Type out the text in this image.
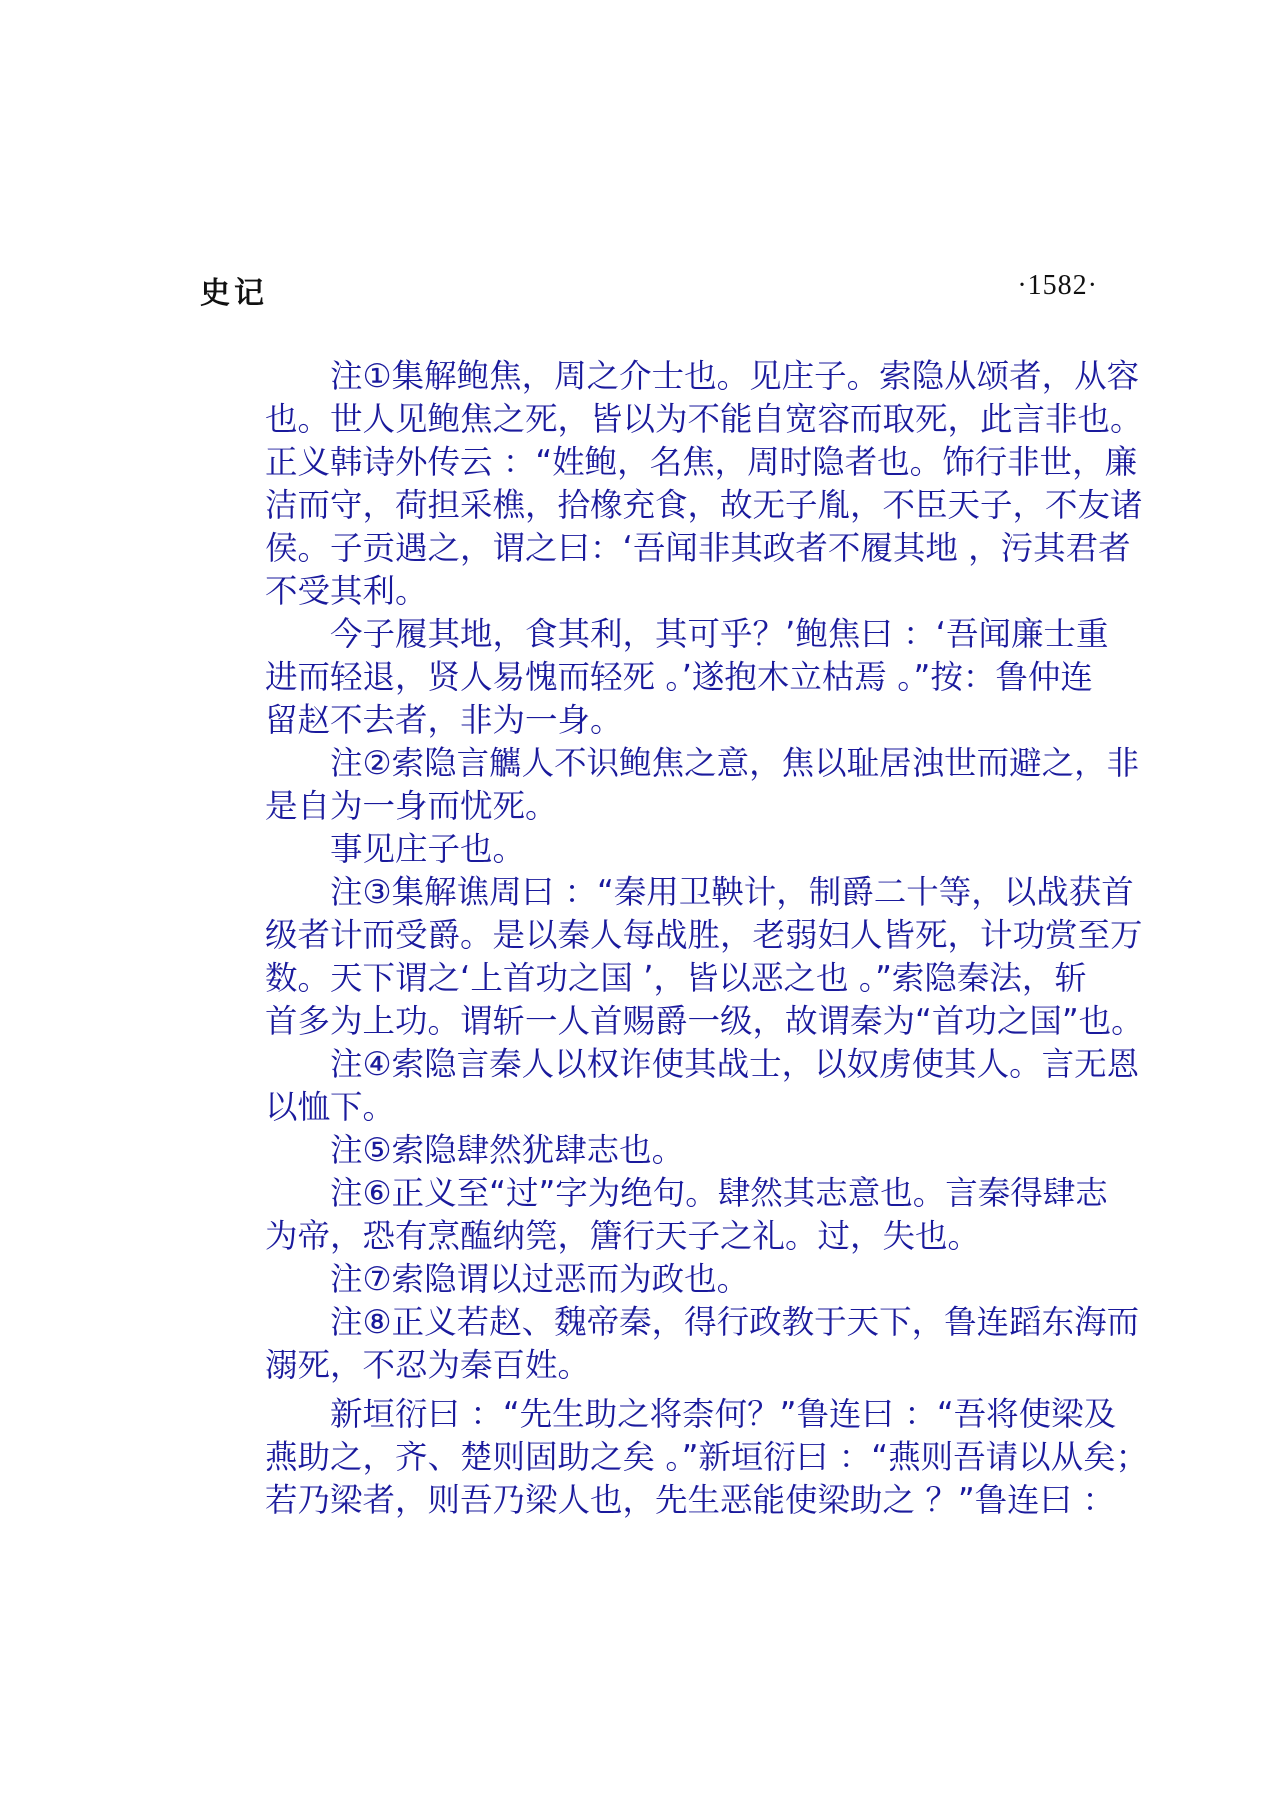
史记	·1582·

注①集解鲍焦，周之介士也。见庄子。索隐从颂者，从容
也。世人见鲍焦之死，皆以为不能自宽容而取死，此言非也。
正义韩诗外传云 ：“姓鲍，名焦，周时隐者也。饰行非世，廉
洁而守，荷担采樵，拾橡充食，故无子胤，不臣天子，不友诸
侯。子贡遇之，谓之曰：‘吾闻非其政者不履其地 ，污其君者
不受其利。

今子履其地，食其利，其可乎？’鲍焦曰 ：‘吾闻廉士重
进而轻退，贤人易愧而轻死 。’遂抱木立枯焉 。”按：鲁仲连
留赵不去者，非为一身。

注②索隐言觽人不识鲍焦之意，焦以耻居浊世而避之，非
是自为一身而忧死。

事见庄子也。

注③集解谯周曰 ：“秦用卫鞅计，制爵二十等，以战获首
级者计而受爵。是以秦人每战胜，老弱妇人皆死，计功赏至万
数。天下谓之‘上首功之国 ’，皆以恶之也 。”索隐秦法，斩
首多为上功。谓斩一人首赐爵一级，故谓秦为“首功之国”也。

注④索隐言秦人以权诈使其战士，以奴虏使其人。言无恩
以恤下。

注⑤索隐肆然犹肆志也。

注⑥正义至“过”字为绝句。肆然其志意也。言秦得肆志
为帝，恐有烹醢纳筦，篖行天子之礼。过，失也。

注⑦索隐谓以过恶而为政也。

注⑧正义若赵、魏帝秦，得行政教于天下，鲁连蹈东海而
溺死，不忍为秦百姓。

新垣衍曰 ：“先生助之将柰何？”鲁连曰 ：“吾将使梁及
燕助之，齐、楚则固助之矣 。”新垣衍曰 ：“燕则吾请以从矣；
若乃梁者，则吾乃梁人也，先生恶能使梁助之 ？”鲁连曰 ：
